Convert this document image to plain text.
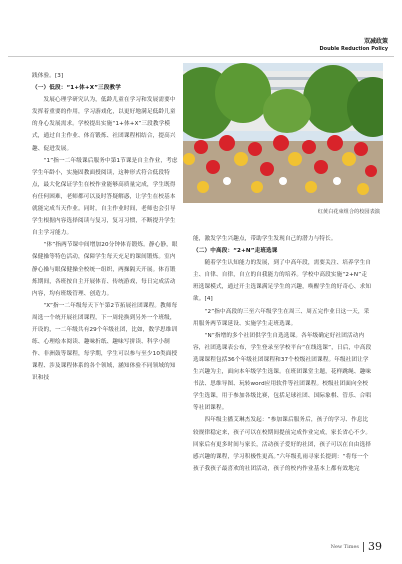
双减政策
Double Reduction Policy

践体验。[3]

（一）低段：“1+体+X”三段教学

　　发展心理学研究认为，低龄儿童在学习和发展需要中发挥着重要的作用，学习游戏化，以更好地满足低龄儿童的身心发展需求。学校提出实施“1+体+X”三段教学模式，通过自主作业、体育锻炼、社团课程相结合，提高兴趣、促进发展。

　　“1”指一二年级课后服务中第1节课是自主作业，考虑学生年龄小，实施固教面授阅读，这种形式符合低段特点，最大化保证学生在校作业能够高质量完成，学生既得有任何困难，老师都可以及时答疑解惑，让学生在校基本就能完成当天作业。同时，自主作业时间，老师也会引导学生根据内容选择阅读与复习，复习习惯，不断提升学生自主学习能力。

　　“体”指两节课中间增加20分钟体育锻炼。静心静，眼保健操等特色活动，保障学生每天充足的课间锻炼。室内静心操与眼保健操全校统一组织，两操隔天开展。体育锻炼期间，各班按自主开展体育、传统游戏，每日完成活动内容，均有班级管理、创造力。

　　“X”指一二年级每天下午第2节拓展社团课程。教师每周选一个统开展社团课程，下一周轮换到另外一个班级，开设的，一二年级共有29个年级社团，比如，数学思维训练、心理绘本阅读、趣味折纸、趣味写拼读、科学小制作、非洲鼓等课程，每学期，学生可以参与至少10类面授课程、涉及课程体系的各个领域，涵知体验不同领域的知识和技

红黄白花束组合的校园表演

能，激发学生兴趣点，带助学生发现自己的潜力与特长。

（二）中高段：“2+N”走班选课

　　随着学生认知能力的发展，到了中高年段，需要关注、培养学生自主、自律、自律，自立的自我能力的培养。学校中高段实施“2+N”走班选课模式，通过开主选课满足学生的兴趣，唤醒学生的好奇心、求知欲。[4]

　　“2”指中高段的三至六年级学生在周三、周五完作业日这一天，采用服务两节课延设、实施学生走班选课。

　　“N”指增的多个社团供学生自选选课。各年级确定好社团活动内容，社团选课表公布，学生登录至学校平台“在线选课”，日后，中高段选课课程包括36个年级社团课程和37个校级社团课程。年级社团让学生兴趣为主，面向本年级学生选课。在班团课堂主题，花样跳绳、趣味书法、思维导图、玩转word应用软件等社团课程。校级社团面向全校学生选课，用于参加各级比赛，包括足球社团、国际象棋、管乐、合唱等社团课程。

　　四年级主播艾琳杰发起：“参加课后服务后，孩子的学习、作息比较规律稳定来，孩子可以在校期间提前完成作业完成，家长省心不少。回家后有更多时间与家长，活动孩子爱好的社团，孩子可以在自由选择感兴趣的课程，学习积极性更高。”六年级孔雨寻家长提到：“将每一个孩子我孩子最喜欢的社团活动，孩子的校内作业基本上都有效地完

New Times 39
